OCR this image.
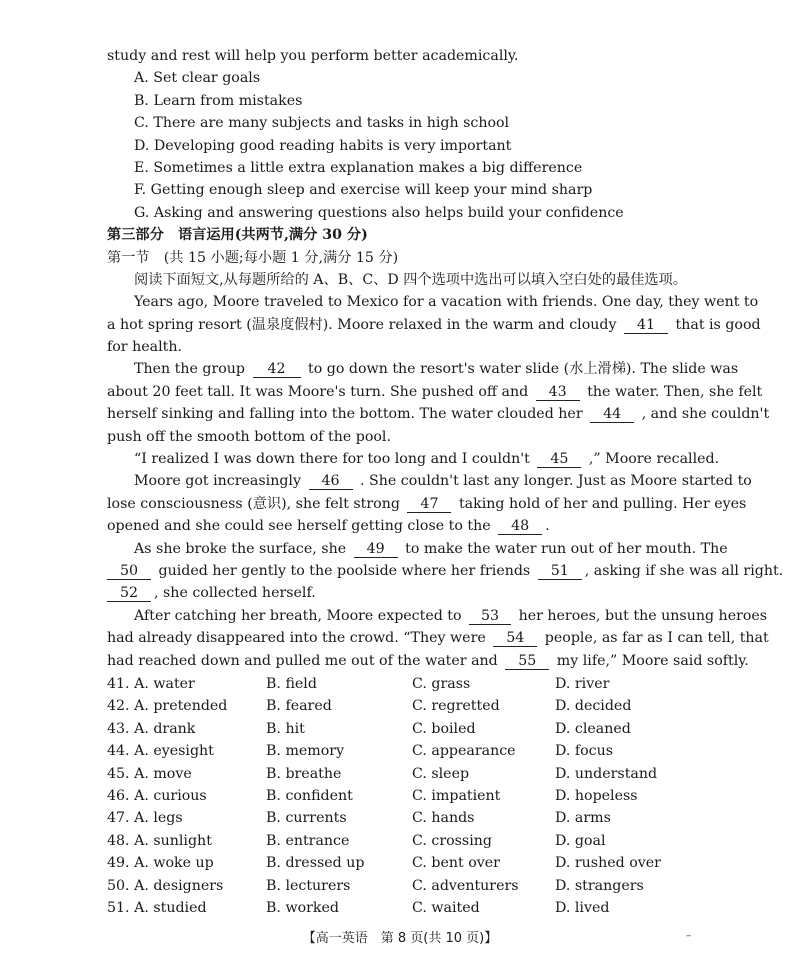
study and rest will help you perform better academically.
A. Set clear goals
B. Learn from mistakes
C. There are many subjects and tasks in high school
D. Developing good reading habits is very important
E. Sometimes a little extra explanation makes a big difference
F. Getting enough sleep and exercise will keep your mind sharp
G. Asking and answering questions also helps build your confidence
第三部分　语言运用(共两节,满分 30 分)
第一节　(共 15 小题;每小题 1 分,满分 15 分)
阅读下面短文,从每题所给的 A、B、C、D 四个选项中选出可以填入空白处的最佳选项。
Years ago, Moore traveled to Mexico for a vacation with friends. One day, they went to
a hot spring resort (温泉度假村). Moore relaxed in the warm and cloudy 41 that is good
for health.
Then the group 42 to go down the resort's water slide (水上滑梯). The slide was
about 20 feet tall. It was Moore's turn. She pushed off and 43 the water. Then, she felt
herself sinking and falling into the bottom. The water clouded her 44 , and she couldn't
push off the smooth bottom of the pool.
“I realized I was down there for too long and I couldn't 45 ,” Moore recalled.
Moore got increasingly 46 . She couldn't last any longer. Just as Moore started to
lose consciousness (意识), she felt strong 47 taking hold of her and pulling. Her eyes
opened and she could see herself getting close to the 48 .
As she broke the surface, she 49 to make the water run out of her mouth. The
50 guided her gently to the poolside where her friends 51 , asking if she was all right.
52 , she collected herself.
After catching her breath, Moore expected to 53 her heroes, but the unsung heroes
had already disappeared into the crowd. “They were 54 people, as far as I can tell, that
had reached down and pulled me out of the water and 55 my life,” Moore said softly.
41. A. water	B. field	C. grass	D. river
42. A. pretended	B. feared	C. regretted	D. decided
43. A. drank	B. hit	C. boiled	D. cleaned
44. A. eyesight	B. memory	C. appearance	D. focus
45. A. move	B. breathe	C. sleep	D. understand
46. A. curious	B. confident	C. impatient	D. hopeless
47. A. legs	B. currents	C. hands	D. arms
48. A. sunlight	B. entrance	C. crossing	D. goal
49. A. woke up	B. dressed up	C. bent over	D. rushed over
50. A. designers	B. lecturers	C. adventurers	D. strangers
51. A. studied	B. worked	C. waited	D. lived
【高一英语　第 8 页(共 10 页)】	–
